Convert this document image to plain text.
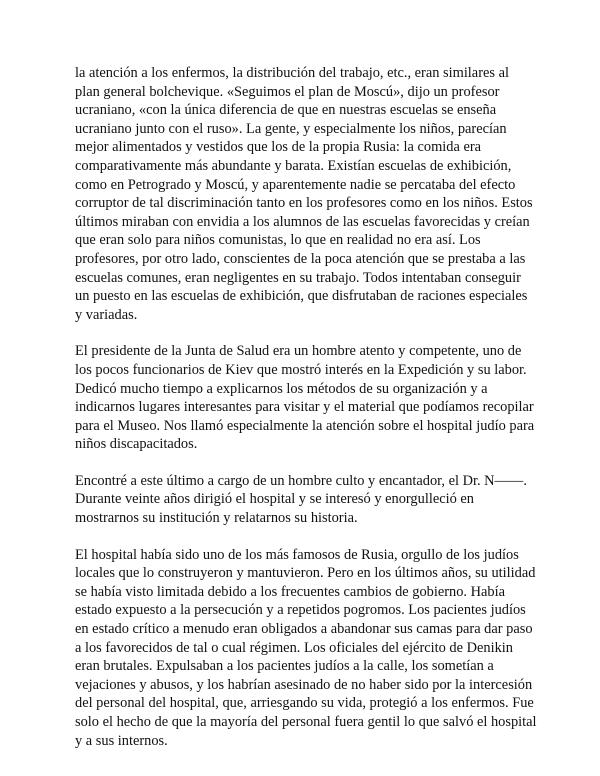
la atención a los enfermos, la distribución del trabajo, etc., eran similares al plan general bolchevique. «Seguimos el plan de Moscú», dijo un profesor ucraniano, «con la única diferencia de que en nuestras escuelas se enseña ucraniano junto con el ruso». La gente, y especialmente los niños, parecían mejor alimentados y vestidos que los de la propia Rusia: la comida era comparativamente más abundante y barata. Existían escuelas de exhibición, como en Petrogrado y Moscú, y aparentemente nadie se percataba del efecto corruptor de tal discriminación tanto en los profesores como en los niños. Estos últimos miraban con envidia a los alumnos de las escuelas favorecidas y creían que eran solo para niños comunistas, lo que en realidad no era así. Los profesores, por otro lado, conscientes de la poca atención que se prestaba a las escuelas comunes, eran negligentes en su trabajo. Todos intentaban conseguir un puesto en las escuelas de exhibición, que disfrutaban de raciones especiales y variadas.

El presidente de la Junta de Salud era un hombre atento y competente, uno de los pocos funcionarios de Kiev que mostró interés en la Expedición y su labor. Dedicó mucho tiempo a explicarnos los métodos de su organización y a indicarnos lugares interesantes para visitar y el material que podíamos recopilar para el Museo. Nos llamó especialmente la atención sobre el hospital judío para niños discapacitados.

Encontré a este último a cargo de un hombre culto y encantador, el Dr. N——. Durante veinte años dirigió el hospital y se interesó y enorgulleció en mostrarnos su institución y relatarnos su historia.

El hospital había sido uno de los más famosos de Rusia, orgullo de los judíos locales que lo construyeron y mantuvieron. Pero en los últimos años, su utilidad se había visto limitada debido a los frecuentes cambios de gobierno. Había estado expuesto a la persecución y a repetidos pogromos. Los pacientes judíos en estado crítico a menudo eran obligados a abandonar sus camas para dar paso a los favorecidos de tal o cual régimen. Los oficiales del ejército de Denikin eran brutales. Expulsaban a los pacientes judíos a la calle, los sometían a vejaciones y abusos, y los habrían asesinado de no haber sido por la intercesión del personal del hospital, que, arriesgando su vida, protegió a los enfermos. Fue solo el hecho de que la mayoría del personal fuera gentil lo que salvó el hospital y a sus internos.
